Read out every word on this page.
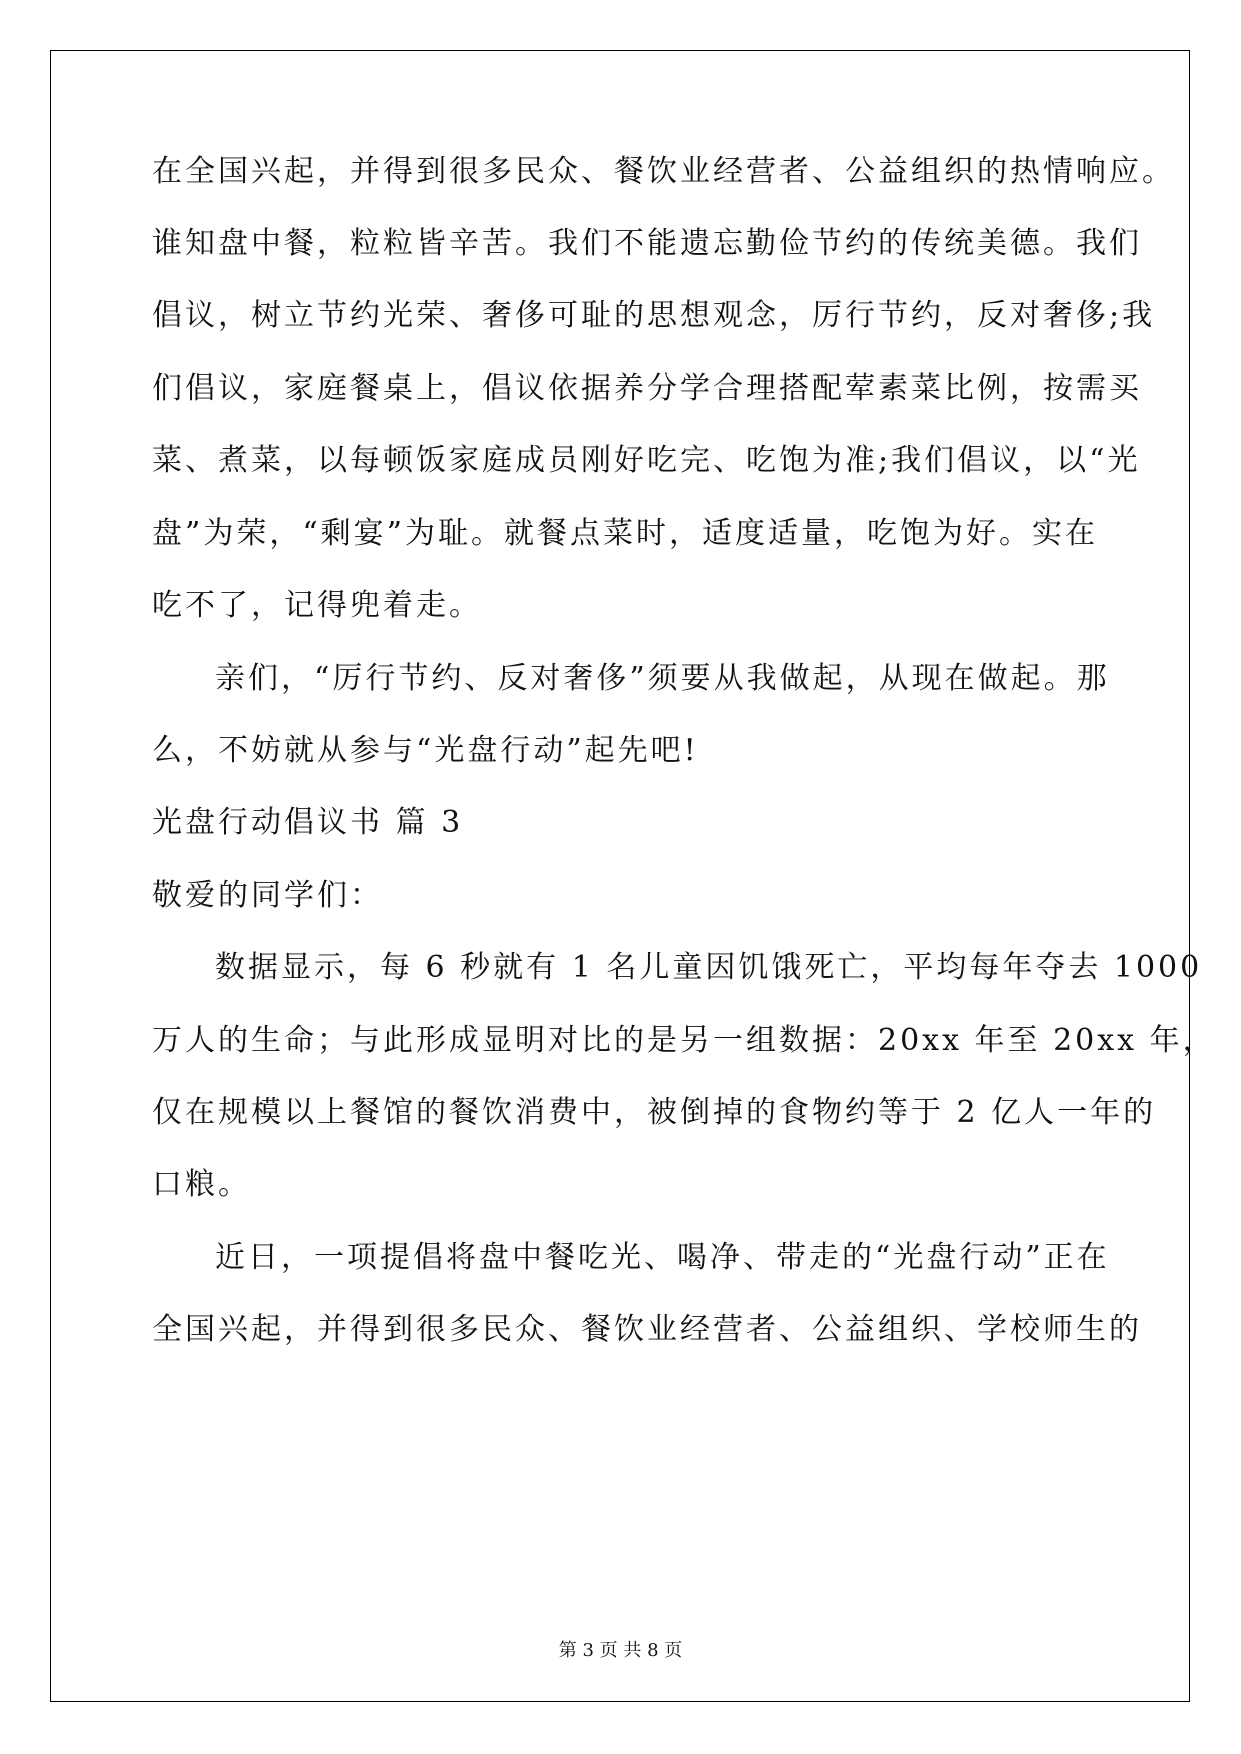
在全国兴起，并得到很多民众、餐饮业经营者、公益组织的热情响应。
谁知盘中餐，粒粒皆辛苦。我们不能遗忘勤俭节约的传统美德。我们
倡议，树立节约光荣、奢侈可耻的思想观念，厉行节约，反对奢侈;我
们倡议，家庭餐桌上，倡议依据养分学合理搭配荤素菜比例，按需买
菜、煮菜，以每顿饭家庭成员刚好吃完、吃饱为准;我们倡议，以“光
盘”为荣，“剩宴”为耻。就餐点菜时，适度适量，吃饱为好。实在
吃不了，记得兜着走。
亲们，“厉行节约、反对奢侈”须要从我做起，从现在做起。那
么，不妨就从参与“光盘行动”起先吧!
光盘行动倡议书 篇 3
敬爱的同学们：
数据显示，每 6 秒就有 1 名儿童因饥饿死亡，平均每年夺去 1000
万人的生命；与此形成显明对比的是另一组数据：20xx 年至 20xx 年，
仅在规模以上餐馆的餐饮消费中，被倒掉的食物约等于 2 亿人一年的
口粮。
近日，一项提倡将盘中餐吃光、喝净、带走的“光盘行动”正在
全国兴起，并得到很多民众、餐饮业经营者、公益组织、学校师生的
第 3 页 共 8 页
